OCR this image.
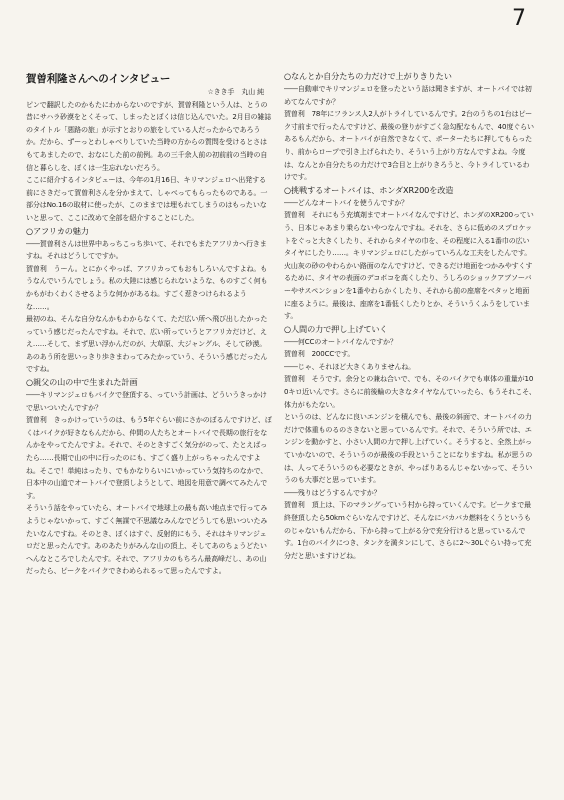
7

賀曽利隆さんへのインタビュー

☆きき手　丸山 純

ピンで翻訳したのかもたにわからないのですが、賀曽利隆という人は、とうの昔にサハラ砂漠をとくそって、しまったとぼくは信じ込んでいた。2月目の雑誌のタイトル「悪路の旅」が示すとおりの旅をしている人だったからであろうか。だから、ずーっとわしゃべりしていた当時の方からの質問を受けるとさはもてあましたので、おなにした前の前例。あの三千余人前の初前前の当時の自信と暮らしを、ぼくは一生忘れないだろう。
ここに紹介するインタビューは、今年の1月16日、キリマンジェロへ出発する前にさきだって賀曽利さんを分かまえて、しゃべってもらったものである。一部分はNo.16の取材に使ったが、このままでは埋もれてしまうのはもったいないと思って、ここに改めて全部を紹介することにした。

○アフリカの魅力

――賀曽利さんは世界中あっちこっち歩いて、それでもまたアフリカへ行きますね。それはどうしてですか。

賀曽利　うーん。とにかくやっぱ、アフリカってもおもしろいんですよね。もうなんでいうんでしょう。私の大陸には感じられないような、ものすごく何もかもがわくわくさせるような何かがあるね。すごく惹きつけられるような……。
最初のね、そんな自分なんかもわからなくて、ただ広い所へ飛び出したかったっていう感じだったんですね。それで、広い所っていうとアフリカだけど、ええ……そして、まず思い浮かんだのが、大草原、大ジャングル、そして砂漠。あのあう所を思いっきり歩きまわってみたかっていう、そういう感じだったんですね。

○親父の山の中で生まれた計画

――キリマンジェロもバイクで登頂する、っていう計画は、どういうきっかけで思いついたんですか？

賀曽利　きっかけっていうのは、もう5年ぐらい前にさかのぼるんですけど、ぼくはバイクが好きなもんだから、仲間の人たちとオートバイで長期の旅行をなんかをやってたんですよ。それで、そのときすごく気分がのって、たとえばったら……長期で山の中に行ったのにも、すごく盛り上がっちゃったんですよね。そこで！単純はったり、でもかなりらいにいかっていう気持ちのなかで、日本中の山道でオートバイで登頂しようとして、地図を用意で調べてみたんです。
そういう話をやっていたら、オートバイで地球上の最も高い地点まで行ってみようじゃないかって、すごく無謀で不思議なみんなでどうしても思いついたみたいなんですね。そのとき、ぼくはすぐ、反射的にもう、それはキリマンジェロだと思ったんです。あのあたりがみんな山の頂上、そしてあのちょうどたいへんなところでしたんです。それで、アフリカのもちろん最高峰だし、あの山だったら、ピークをバイクできわめられるって思ったんですよ。

○なんとか自分たちの力だけで上がりきりたい

――自動車でキリマンジェロを登ったという話は聞きますが、オートバイでは初めてなんですか？

賀曽利　78年にフランス人2人がトライしているんです。2台のうちの1台はピーク寸前まで行ったんですけど、最後の登りがすごく急勾配なもんで、40度ぐらいあるもんだから、オートバイが自然できなくて、ポーターたちに押してもらったり、前からロープで引き上げられたり、そういう上がり方なんですよね。今度は、なんとか自分たちの力だけで3合目と上がりきろうと、今トライしているわけです。

○挑戦するオートバイは、ホンダXR200を改造

――どんなオートバイを使うんですか？

賀曽利　それにもう充填剤までオートバイなんですけど、ホンダのXR200っていう、日本じゃあまり乗らないやつなんですね。それを、さらに低めのスプロケットをぐっと大きくしたり、それからタイヤの巾を、その程度に入る1番巾の広いタイヤにしたり……。キリマンジェロにしたがっていろんな工夫をしたんです。火山灰の砂のやわらかい路面のなんですけど、できるだけ地面をつかみやすくするために、タイヤの表面のデコボコを高くしたり、うしろのショックアブソーバーやサスペンションを1番やわらかくしたり、それから前の座席をベタッと地面に座るように。最後は、座席を1番低くしたりとか、そういうくふうをしています。

○人間の力で押し上げていく

――何CCのオートバイなんですか？

賀曽利　200CCです。
――じゃ、それほど大きくありませんね。
賀曽利　そうです。余分との兼ね合いで、でも、そのバイクでも車体の重量が100キロ近いんです。さらに前後輪の大きなタイヤなんていったら、もうそれこそ、体力がもたない。
というのは、どんなに良いエンジンを積んでも、最後の斜面で、オートバイの力だけで体重ものるのさきないと思っているんです。それで、そういう所では、エンジンを動かすと、小さい人間の力で押し上げていく。そうすると、全然上がっていかないので、そういうのが最後の手段ということになりますね。私が思うのは、人ってそういうのも必要なときが、やっぱりあるんじゃないかって、そういうのも大事だと思っています。
――残りはどうするんですか？

賀曽利　頂上は、下のマラングっていう村から持っていくんです。ピークまで最終登頂したら50kmぐらいなんですけど、そんなにバカバカ燃料をくうというものじゃないもんだから、下から持って上がる分で充分行けると思っているんです。1台のバイクにつき、タンクを満タンにして、さらに2～30Lぐらい持って充分だと思いますけどね。
